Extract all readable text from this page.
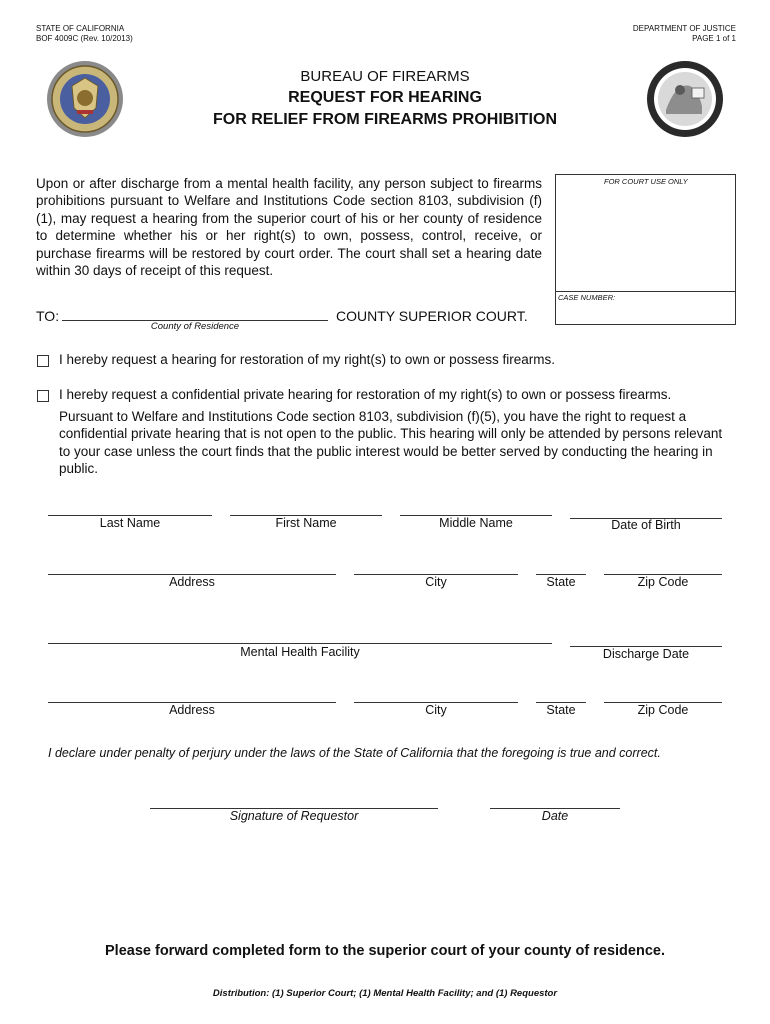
STATE OF CALIFORNIA
BOF 4009C (Rev. 10/2013)
DEPARTMENT OF JUSTICE
PAGE 1 of 1
BUREAU OF FIREARMS
REQUEST FOR HEARING
FOR RELIEF FROM FIREARMS PROHIBITION
Upon or after discharge from a mental health facility, any person subject to firearms prohibitions pursuant to Welfare and Institutions Code section 8103, subdivision (f)(1), may request a hearing from the superior court of his or her county of residence to determine whether his or her right(s) to own, possess, control, receive, or purchase firearms will be restored by court order. The court shall set a hearing date within 30 days of receipt of this request.
FOR COURT USE ONLY
CASE NUMBER:
TO:
County of Residence
COUNTY SUPERIOR COURT.
I hereby request a hearing for restoration of my right(s) to own or possess firearms.
I hereby request a confidential private hearing for restoration of my right(s) to own or possess firearms.
Pursuant to Welfare and Institutions Code section 8103, subdivision (f)(5), you have the right to request a confidential private hearing that is not open to the public. This hearing will only be attended by persons relevant to your case unless the court finds that the public interest would be better served by conducting the hearing in public.
Last Name	First Name	Middle Name	Date of Birth
Address	City	State	Zip Code
Mental Health Facility	Discharge Date
Address	City	State	Zip Code
I declare under penalty of perjury under the laws of the State of California that the foregoing is true and correct.
Signature of Requestor	Date
Please forward completed form to the superior court of your county of residence.
Distribution: (1) Superior Court; (1) Mental Health Facility; and (1) Requestor
